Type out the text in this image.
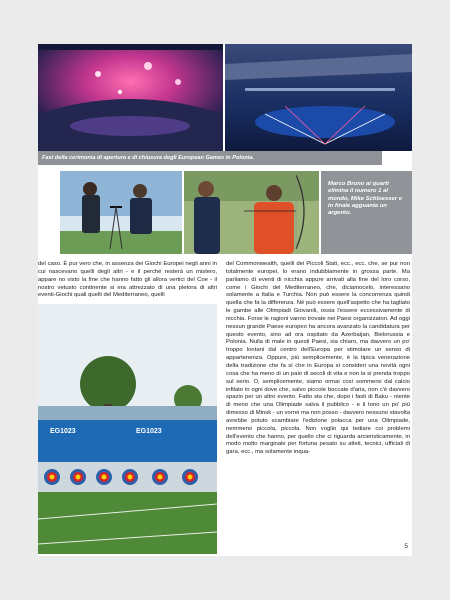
Fasi della cerimonia di apertura e di chiusura degli European Games in Polonia.
Marco Bruno ai quarti elimina il numero 1 al mondo, Mike Schloesser e in finale agguanta un argento.

del caso. È pur vero che, in assenza dei Giochi Europei negli anni in cui nascevano quelli degli altri - e il perché resterà un mistero, appare no visto la fine che hanno fatto gli allora vertici del Coe - il nostro vetusto continente si era attrezzato di una pletora di altri eventi-Giochi quali quelli del Mediterraneo, quelli

del Commonwealth, quelli dei Piccoli Stati, ecc., ecc. che, se pur non totalmente europei, lo erano indubbiamente in grossa parte. Ma parliamo di eventi di nicchia appure arrivati alla fine del loro corso, come i Giochi del Mediterraneo, che, diciamocelo, interessano solamente a Italia e Turchia. Non può essere la concorrenza quindi quella che fa la differenza. Né può essere quell'aspetto che ha tagliato le gambe alle Olimpiadi Giovanili, ossia l'essere eccessivamente di nicchia. Forse le ragioni vanno trovate nei Paesi organizzatori. Ad oggi nessun grande Paese europeo ha ancora avanzato la candidatura per questo evento, sino ad ora ospitato da Azerbaijan, Bielorussia e Polonia. Nulla di male in questi Paesi, sia chiaro, ma davvero un po' troppo lontani dal centro dell'Europa per stimolare un senso di appartenenza. Oppure, più semplicemente, è la tipica venerazione della tradizione che fa sì che in Europa si consideri una novità ogni cosa che ha meno di un paio di secoli di vita e non la si prenda troppo sul serio. O, semplicemente, siamo ormai così sommersi dal calcio infilato in ogni dove che, salvo piccole boccate d'aria, non c'è davvero spazio per un altro evento. Fatto sta che, dopo i fasti di Baku - niente di meno che una Olimpiade salva il pubblico - e il tono un po' più dimesso di Minsk - un vorrei ma non posso - davvero nessuno stavolta avrebbe potuto scambiare l'edizione polacca per una Olimpiade, nemmeno piccola, piccola. Non voglio qui tediare coi problemi dell'evento che hanno, per quello che ci riguarda arcieristicamente, in modo molto marginale per fortuna pesato su atleti, tecnici, ufficiali di gara, ecc., ma solamente inqua-

EG1023	EG1023
5
